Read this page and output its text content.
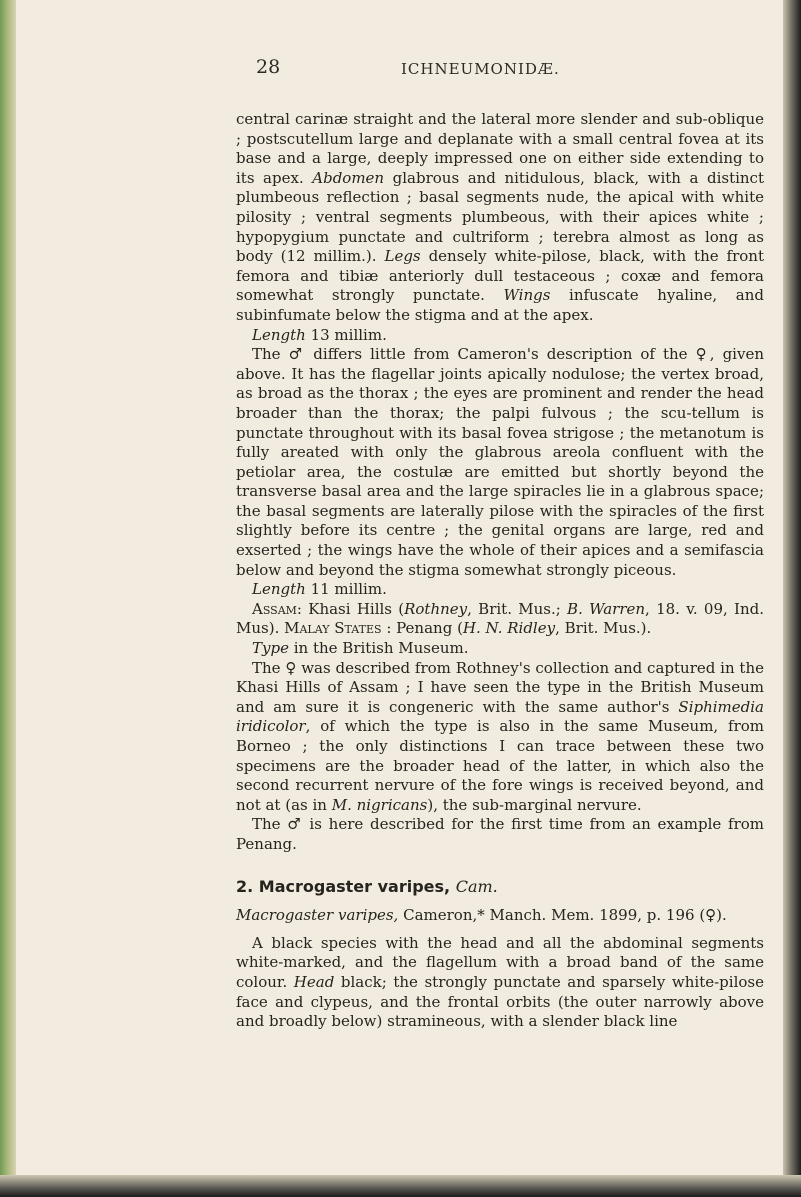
28	ICHNEUMONIDÆ.

central carinæ straight and the lateral more slender and sub-oblique ; postscutellum large and deplanate with a small central fovea at its base and a large, deeply impressed one on either side extending to its apex. Abdomen glabrous and nitidulous, black, with a distinct plumbeous reflection ; basal segments nude, the apical with white pilosity ; ventral segments plumbeous, with their apices white ; hypopygium punctate and cultriform ; terebra almost as long as body (12 millim.). Legs densely white-pilose, black, with the front femora and tibiæ anteriorly dull testaceous ; coxæ and femora somewhat strongly punctate. Wings infuscate hyaline, and subinfumate below the stigma and at the apex.

Length 13 millim.

The ♂ differs little from Cameron's description of the ♀, given above. It has the flagellar joints apically nodulose; the vertex broad, as broad as the thorax ; the eyes are prominent and render the head broader than the thorax; the palpi fulvous ; the scu-tellum is punctate throughout with its basal fovea strigose ; the metanotum is fully areated with only the glabrous areola confluent with the petiolar area, the costulæ are emitted but shortly beyond the transverse basal area and the large spiracles lie in a glabrous space; the basal segments are laterally pilose with the spiracles of the first slightly before its centre ; the genital organs are large, red and exserted ; the wings have the whole of their apices and a semifascia below and beyond the stigma somewhat strongly piceous.

Length 11 millim.

Assam: Khasi Hills (Rothney, Brit. Mus.; B. Warren, 18. v. 09, Ind. Mus). Malay States : Penang (H. N. Ridley, Brit. Mus.).

Type in the British Museum.

The ♀ was described from Rothney's collection and captured in the Khasi Hills of Assam ; I have seen the type in the British Museum and am sure it is congeneric with the same author's Siphimedia iridicolor, of which the type is also in the same Museum, from Borneo ; the only distinctions I can trace between these two specimens are the broader head of the latter, in which also the second recurrent nervure of the fore wings is received beyond, and not at (as in M. nigricans), the sub-marginal nervure.

The ♂ is here described for the first time from an example from Penang.

2. Macrogaster varipes, Cam.

Macrogaster varipes, Cameron,* Manch. Mem. 1899, p. 196 (♀).

A black species with the head and all the abdominal segments white-marked, and the flagellum with a broad band of the same colour. Head black; the strongly punctate and sparsely white-pilose face and clypeus, and the frontal orbits (the outer narrowly above and broadly below) stramineous, with a slender black line
